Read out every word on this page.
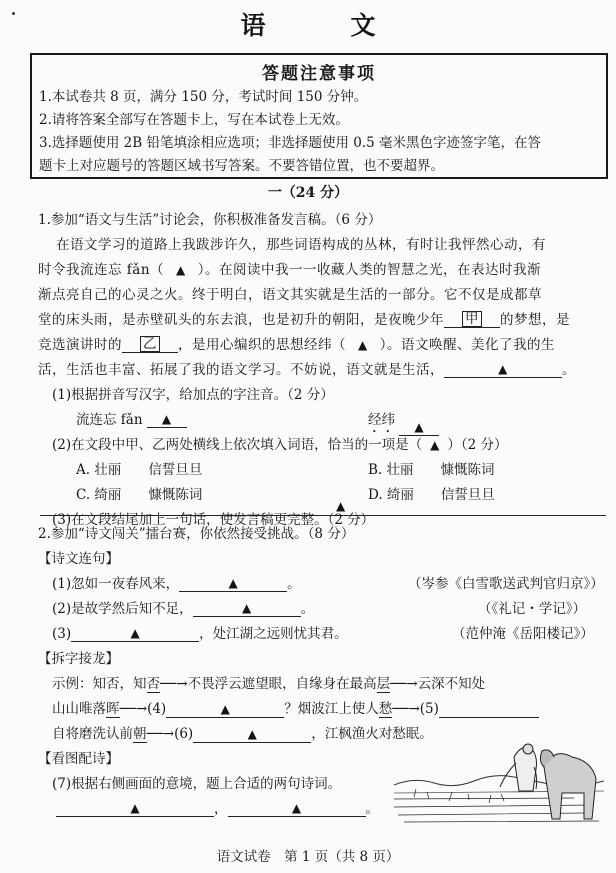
语　文
答题注意事项
1.本试卷共 8 页，满分 150 分，考试时间 150 分钟。
2.请将答案全部写在答题卡上，写在本试卷上无效。
3.选择题使用 2B 铅笔填涂相应选项；非选择题使用 0.5 毫米黑色字迹签字笔，在答
题卡上对应题号的答题区域书写答案。不要答错位置，也不要超界。
一（24 分）
1.参加“语文与生活”讨论会，你积极准备发言稿。（6 分）
在语文学习的道路上我跋涉许久，那些词语构成的丛林，有时让我怦然心动，有
时令我流连忘 fǎn（ ▲ ）。在阅读中我一一收藏人类的智慧之光，在表达时我渐
渐点亮自己的心灵之火。终于明白，语文其实就是生活的一部分。它不仅是成都草
堂的床头雨，是赤壁矶头的东去浪，也是初升的朝阳，是夜晚少年 甲 的梦想，是
竞选演讲时的 乙 ，是用心编织的思想经纬（ ▲ ）。语文唤醒、美化了我的生
活，生活也丰富、拓展了我的语文学习。不妨说，语文就是生活，	▲	。
(1)根据拼音写汉字，给加点的字注音。（2 分）
流连忘 fǎn ▲	经纬 ▲
(2)在文段中甲、乙两处横线上依次填入词语，恰当的一项是（ ▲ ）（2 分）
A. 壮丽　　信誓旦旦	B. 壮丽　　慷慨陈词
C. 绮丽　　慷慨陈词	D. 绮丽　　信誓旦旦
(3)在文段结尾加上一句话，使发言稿更完整。（2 分）
▲
2.参加“诗文闯关”擂台赛，你依然接受挑战。（8 分）
【诗文连句】
(1)忽如一夜春风来，	▲	。	（岑参《白雪歌送武判官归京》）
(2)是故学然后知不足，	▲	。	（《礼记・学记》）
(3)	▲	，处江湖之远则忧其君。	（范仲淹《岳阳楼记》）
【拆字接龙】
示例：知否，知否──→不畏浮云遮望眼，自缘身在最高层──→云深不知处
山山唯落晖──→(4)	▲	？烟波江上使人愁──→(5)
自将磨洗认前朝──→(6)	▲	，江枫渔火对愁眠。
【看图配诗】
(7)根据右侧画面的意境，题上合适的两句诗词。
▲	，	▲	。
语文试卷　第 1 页（共 8 页）
